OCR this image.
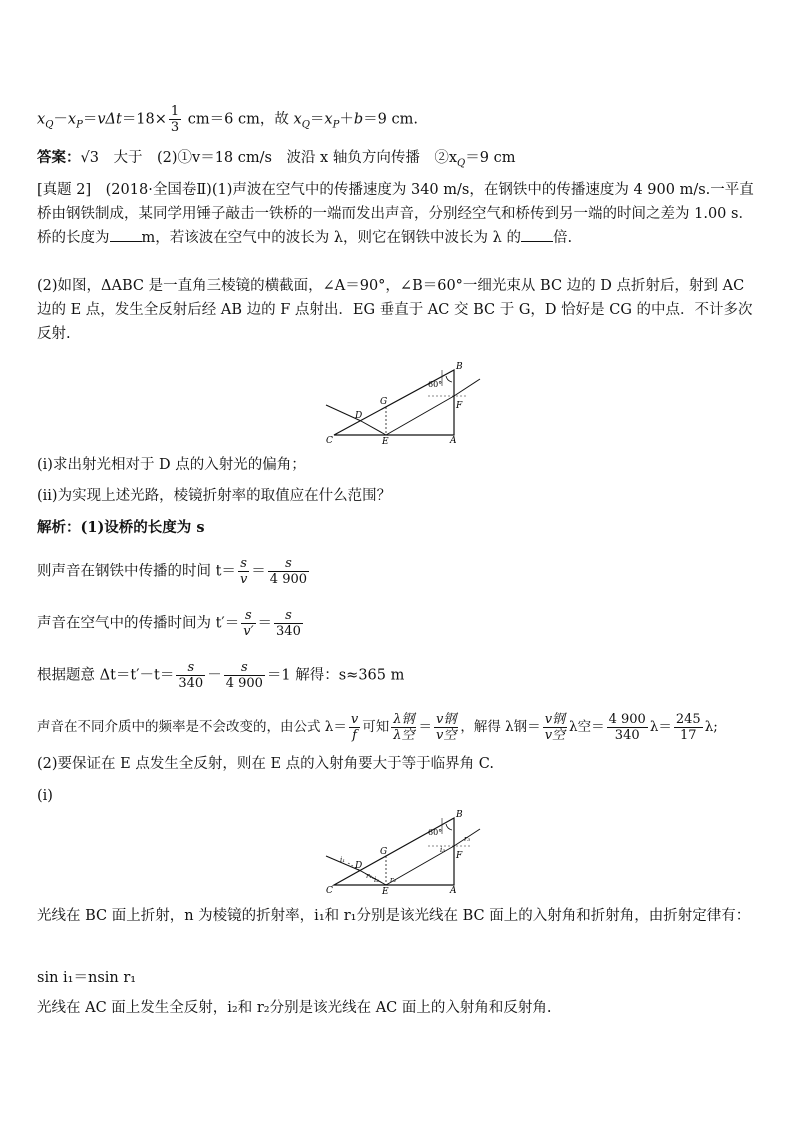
$x_Q-x_P=v\Delta t=18\times \frac{1}{3} cm=6$ cm，故 $x_Q=x_P+b=9$ cm.
答案：√3　大于　(2)①v＝18 cm/s　波沿 x 轴负方向传播　$②x_Q=9$ cm
[真题 2]　(2018·全国卷Ⅱ)(1)声波在空气中的传播速度为 340 m/s，在钢铁中的传播速度为 4 900 m/s.一平直桥由钢铁制成，某同学用锤子敲击一铁桥的一端而发出声音，分别经空气和桥传到另一端的时间之差为 1.00 s．桥的长度为 m，若该波在空气中的波长为 λ，则它在钢铁中波长为 λ 的 倍.
(2)如图，ΔABC 是一直角三棱镜的横截面，∠A＝90°，∠B＝60°一细光束从 BC 边的 D 点折射后，射到 AC 边的 E 点，发生全反射后经 AB 边的 F 点射出．EG 垂直于 AC 交 BC 于 G，D 恰好是 CG 的中点．不计多次反射.
B
60°
G
D
F
C	E	A
(ⅰ)求出射光相对于 D 点的入射光的偏角；
(ⅱ)为实现上述光路，棱镜折射率的取值应在什么范围？
解析：(1)设桥的长度为 s
则声音在钢铁中传播的时间 $t= \frac{s}{v} = \frac{s}{4 900}$
声音在空气中的传播时间为 $t'= \frac{s}{v'} = \frac{s}{340}$
根据题意 $\Delta t=t'-t= \frac{s}{340} - \frac{s}{4 900} =1$ 解得：s≈365 m
声音在不同介质中的频率是不会改变的，由公式 $\lambda= \frac{v}{f}$ 可知 $\frac{\text{λ钢}}{\text{λ空}} = \frac{\text{v钢}}{\text{v空}}$ ，解得 λ钢＝ $\frac{\text{v钢}}{\text{v空}}$ λ空＝ $\frac{4 900}{340} \lambda= \frac{245}{17} \lambda$;
(2)要保证在 E 点发生全反射，则在 E 点的入射角要大于等于临界角 C.
(ⅰ)
B
60°
G
D
F
C	E	A
i₁
r₁ i₂ r₂
i₃
r₃
光线在 BC 面上折射，n 为棱镜的折射率，i₁和 r₁分别是该光线在 BC 面上的入射角和折射角，由折射定律有：
sin i₁＝nsin r₁
光线在 AC 面上发生全反射，i₂和 r₂分别是该光线在 AC 面上的入射角和反射角.
